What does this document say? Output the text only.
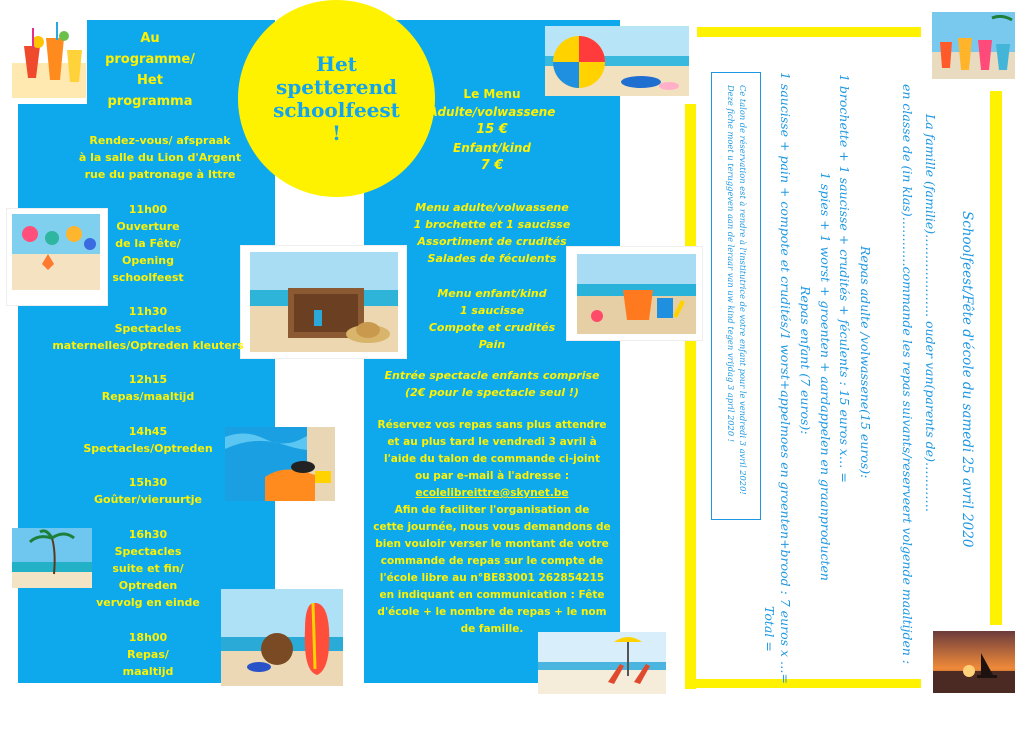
Au
programme/
Het
programma

Rendez-vous/ afspraak

à la salle du Lion d'Argent

rue du patronage à Ittre

11h00

Ouverture

de la Fête/

Opening

schoolfeest

11h30

Spectacles

maternelles/Optreden kleuters

12h15

Repas/maaltijd

14h45

Spectacles/Optreden

15h30

Goûter/vieruurtje

16h30

Spectacles

suite et fin/

Optreden

vervolg en einde

18h00

Repas/

maaltijd

Het
spetterend
schoolfeest
!
Le Menu
Adulte/volwassene
15 €
Enfant/kind
7 €

Menu adulte/volwassene

1 brochette et 1 saucisse

Assortiment de crudités

Salades de féculents

Menu enfant/kind

1 saucisse

Compote et crudités

Pain

Entrée spectacle enfants comprise

(2€ pour le spectacle seul !)

Réservez vos repas sans plus attendre

et au plus tard le vendredi 3 avril à

l'aide du talon de commande ci-joint

ou par e-mail à l'adresse :

ecolelibreittre@skynet.be

Afin de faciliter l'organisation de

cette journée, nous vous demandons de

bien vouloir verser le montant de votre

commande de repas sur le compte de

l'école libre au n°BE83001 262854215

en indiquant en communication : Fête

d'école + le nombre de repas + le nom

de famille.

Schoolfeest/Fête d'école du samedi 25 avril 2020
La famille (familie)……………….. ouder van(parents de)…………
en classe de (in klas)…………commande les repas suivants/reserveert volgende maaltijden :
Repas adulte /volwassene(15 euros):
1 brochette + 1 saucisse + crudités + féculents : 15 euros x… =
1 spies + 1 worst + groenten + aardappelen en graanproducten
Repas enfant (7 euros):
1 saucisse + pain + compote et crudités/1 worst+appelmoes en groenten+brood : 7 euros x …=
Total =
Ce talon de réservation est à rendre à l'institutrice de votre enfant pour le vendredi 3 avril 2020!
Deze fiche moet u teruggeven aan de leraar van uw kind tegen vrijdag 3 april 2020 !
